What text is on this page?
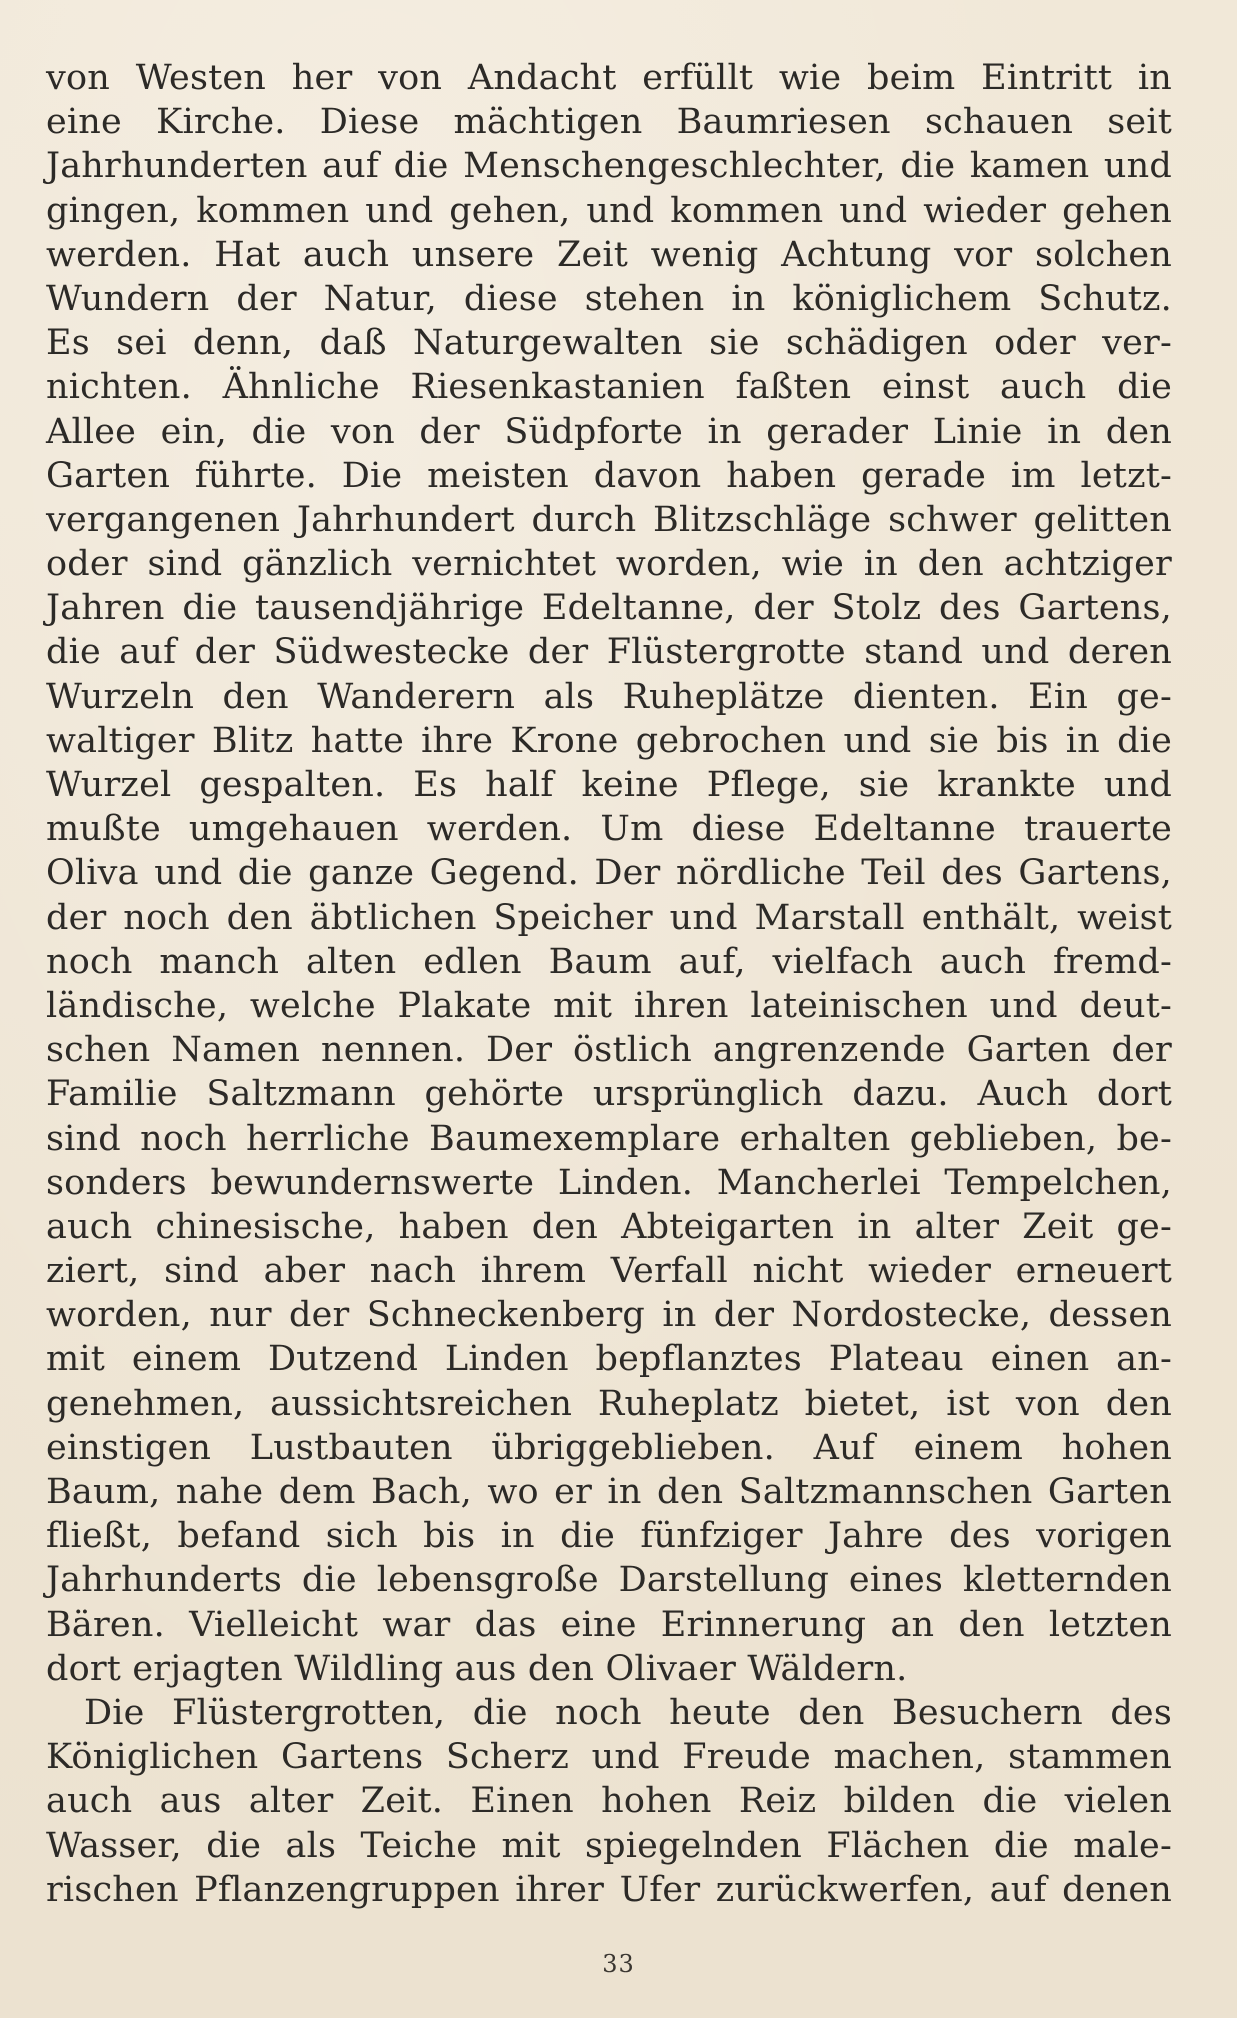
von Westen her von Andacht erfüllt wie beim Eintritt in
eine Kirche. Diese mächtigen Baumriesen schauen seit
Jahrhunderten auf die Menschengeschlechter, die kamen und
gingen, kommen und gehen, und kommen und wieder gehen
werden. Hat auch unsere Zeit wenig Achtung vor solchen
Wundern der Natur, diese stehen in königlichem Schutz.
Es sei denn, daß Naturgewalten sie schädigen oder ver-
nichten. Ähnliche Riesenkastanien faßten einst auch die
Allee ein, die von der Südpforte in gerader Linie in den
Garten führte. Die meisten davon haben gerade im letzt-
vergangenen Jahrhundert durch Blitzschläge schwer gelitten
oder sind gänzlich vernichtet worden, wie in den achtziger
Jahren die tausendjährige Edeltanne, der Stolz des Gartens,
die auf der Südwestecke der Flüstergrotte stand und deren
Wurzeln den Wanderern als Ruheplätze dienten. Ein ge-
waltiger Blitz hatte ihre Krone gebrochen und sie bis in die
Wurzel gespalten. Es half keine Pflege, sie krankte und
mußte umgehauen werden. Um diese Edeltanne trauerte
Oliva und die ganze Gegend. Der nördliche Teil des Gartens,
der noch den äbtlichen Speicher und Marstall enthält, weist
noch manch alten edlen Baum auf, vielfach auch fremd-
ländische, welche Plakate mit ihren lateinischen und deut-
schen Namen nennen. Der östlich angrenzende Garten der
Familie Saltzmann gehörte ursprünglich dazu. Auch dort
sind noch herrliche Baumexemplare erhalten geblieben, be-
sonders bewundernswerte Linden. Mancherlei Tempelchen,
auch chinesische, haben den Abteigarten in alter Zeit ge-
ziert, sind aber nach ihrem Verfall nicht wieder erneuert
worden, nur der Schneckenberg in der Nordostecke, dessen
mit einem Dutzend Linden bepflanztes Plateau einen an-
genehmen, aussichtsreichen Ruheplatz bietet, ist von den
einstigen Lustbauten übriggeblieben. Auf einem hohen
Baum, nahe dem Bach, wo er in den Saltzmannschen Garten
fließt, befand sich bis in die fünfziger Jahre des vorigen
Jahrhunderts die lebensgroße Darstellung eines kletternden
Bären. Vielleicht war das eine Erinnerung an den letzten
dort erjagten Wildling aus den Olivaer Wäldern.
Die Flüstergrotten, die noch heute den Besuchern des
Königlichen Gartens Scherz und Freude machen, stammen
auch aus alter Zeit. Einen hohen Reiz bilden die vielen
Wasser, die als Teiche mit spiegelnden Flächen die male-
rischen Pflanzengruppen ihrer Ufer zurückwerfen, auf denen
33
